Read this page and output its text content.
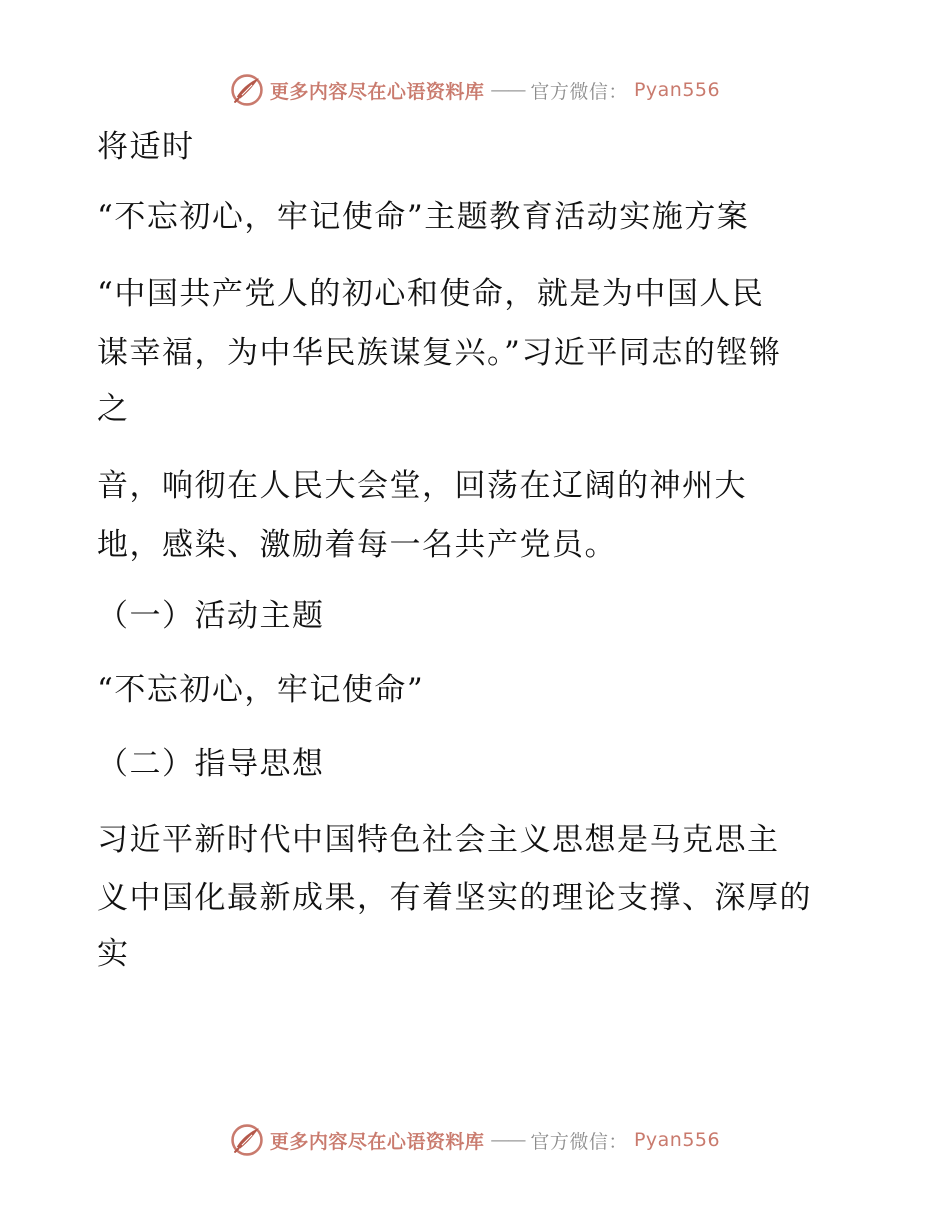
更多内容尽在心语资料库 —— 官方微信： Pyan556
将适时
“不忘初心，牢记使命”主题教育活动实施方案
“中国共产党人的初心和使命，就是为中国人民
谋幸福，为中华民族谋复兴。”习近平同志的铿锵
之
音，响彻在人民大会堂，回荡在辽阔的神州大
地，感染、激励着每一名共产党员。
（一）活动主题
“不忘初心，牢记使命”
（二）指导思想
习近平新时代中国特色社会主义思想是马克思主
义中国化最新成果，有着坚实的理论支撑、深厚的
实
更多内容尽在心语资料库 —— 官方微信： Pyan556
